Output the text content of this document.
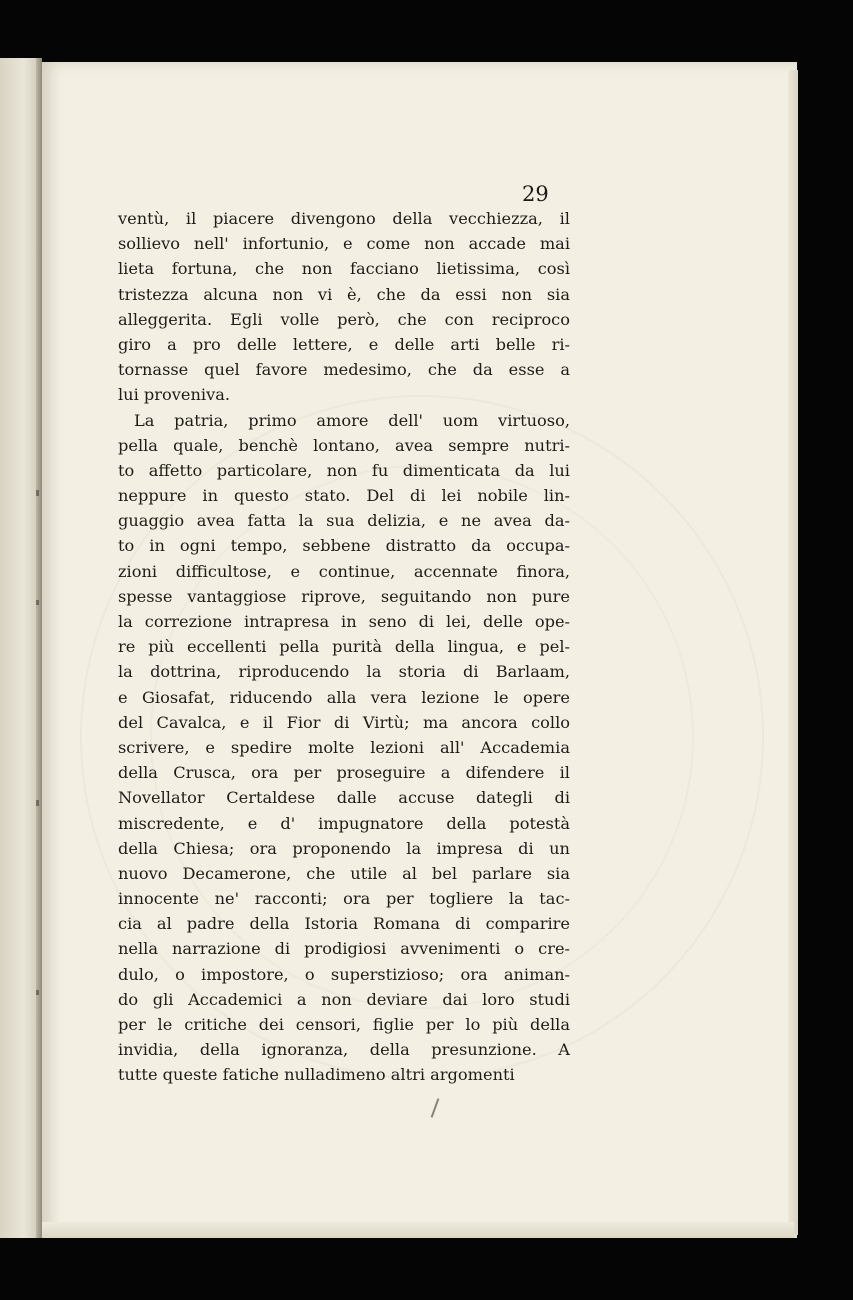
29

ventù, il piacere divengono della vecchiezza, il
sollievo nell' infortunio, e come non accade mai
lieta fortuna, che non facciano lietissima, così
tristezza alcuna non vi è, che da essi non sia
alleggerita. Egli volle però, che con reciproco
giro a pro delle lettere, e delle arti belle ri-
tornasse quel favore medesimo, che da esse a
lui proveniva.
La patria, primo amore dell' uom virtuoso,
pella quale, benchè lontano, avea sempre nutri-
to affetto particolare, non fu dimenticata da lui
neppure in questo stato. Del di lei nobile lin-
guaggio avea fatta la sua delizia, e ne avea da-
to in ogni tempo, sebbene distratto da occupa-
zioni difficultose, e continue, accennate finora,
spesse vantaggiose riprove, seguitando non pure
la correzione intrapresa in seno di lei, delle ope-
re più eccellenti pella purità della lingua, e pel-
la dottrina, riproducendo la storia di Barlaam,
e Giosafat, riducendo alla vera lezione le opere
del Cavalca, e il Fior di Virtù; ma ancora collo
scrivere, e spedire molte lezioni all' Accademia
della Crusca, ora per proseguire a difendere il
Novellator Certaldese dalle accuse dategli di
miscredente, e d' impugnatore della potestà
della Chiesa; ora proponendo la impresa di un
nuovo Decamerone, che utile al bel parlare sia
innocente ne' racconti; ora per togliere la tac-
cia al padre della Istoria Romana di comparire
nella narrazione di prodigiosi avvenimenti o cre-
dulo, o impostore, o superstizioso; ora animan-
do gli Accademici a non deviare dai loro studi
per le critiche dei censori, figlie per lo più della
invidia, della ignoranza, della presunzione. A
tutte queste fatiche nulladimeno altri argomenti
